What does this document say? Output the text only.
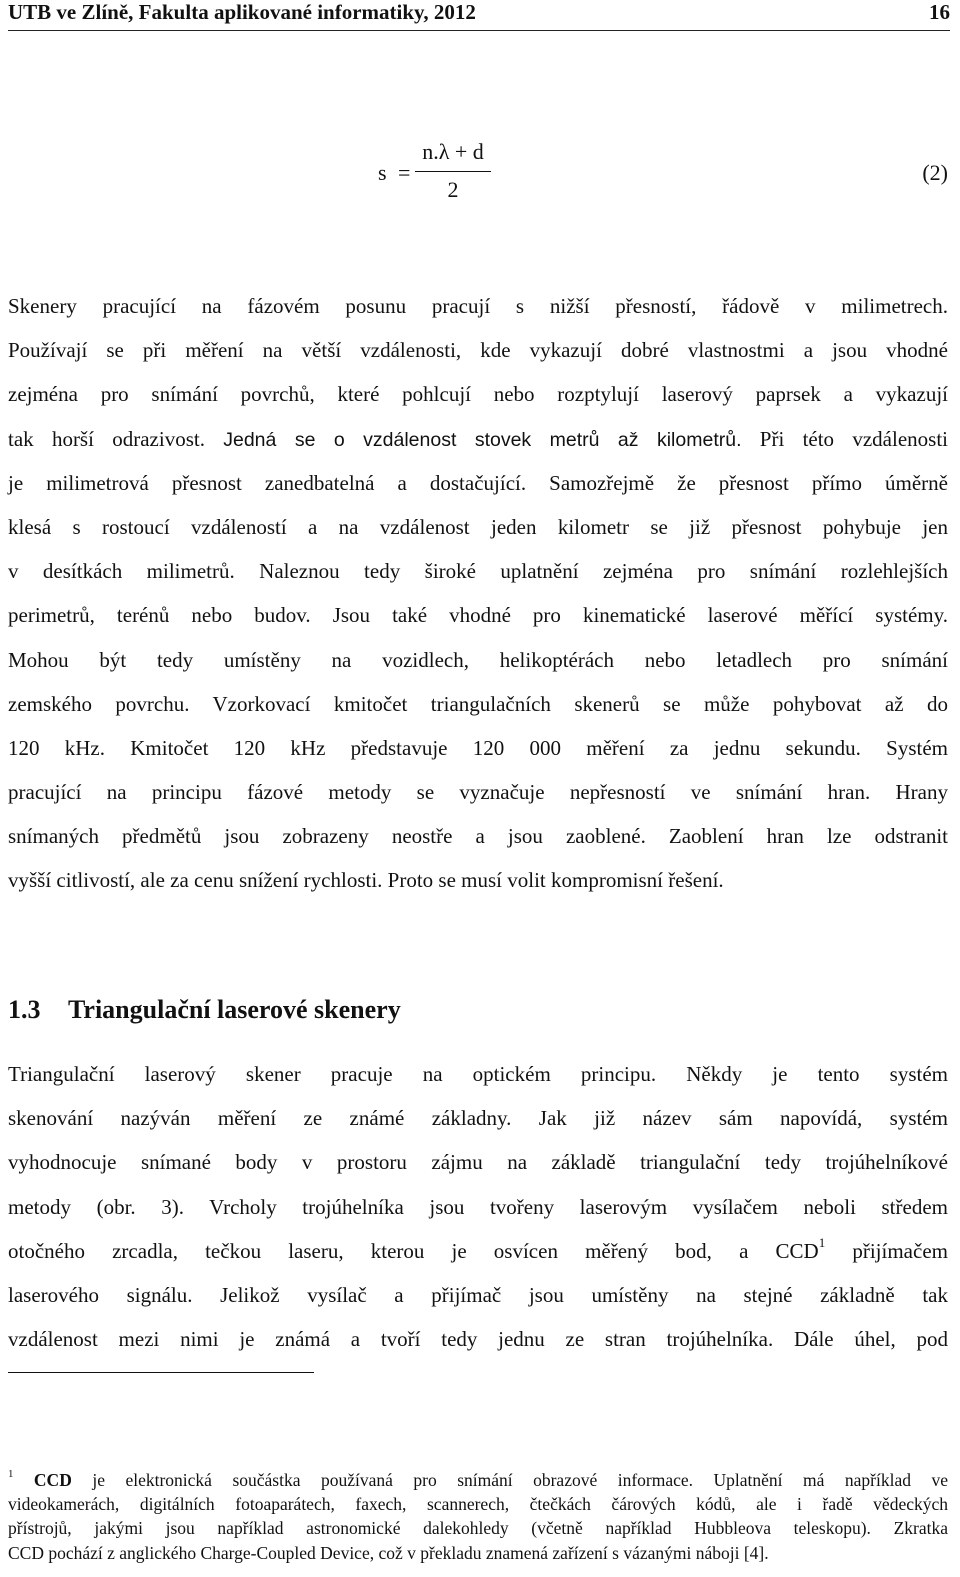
UTB ve Zlíně, Fakulta aplikované informatiky, 2012	16
s =
n.λ + d
2
(2)
Skenery pracující na fázovém posunu pracují s nižší přesností, řádově v milimetrech.
Používají se při měření na větší vzdálenosti, kde vykazují dobré vlastnostmi a jsou vhodné
zejména pro snímání povrchů, které pohlcují nebo rozptylují laserový paprsek a vykazují
tak horší odrazivost. Jedná se o vzdálenost stovek metrů až kilometrů. Při této vzdálenosti
je milimetrová přesnost zanedbatelná a dostačující. Samozřejmě že přesnost přímo úměrně
klesá s rostoucí vzdáleností a na vzdálenost jeden kilometr se již přesnost pohybuje jen
v desítkách milimetrů. Naleznou tedy široké uplatnění zejména pro snímání rozlehlejších
perimetrů, terénů nebo budov. Jsou také vhodné pro kinematické laserové měřící systémy.
Mohou být tedy umístěny na vozidlech, helikoptérách nebo letadlech pro snímání
zemského povrchu. Vzorkovací kmitočet triangulačních skenerů se může pohybovat až do
120 kHz. Kmitočet 120 kHz představuje 120 000 měření za jednu sekundu. Systém
pracující na principu fázové metody se vyznačuje nepřesností ve snímání hran. Hrany
snímaných předmětů jsou zobrazeny neostře a jsou zaoblené. Zaoblení hran lze odstranit
vyšší citlivostí, ale za cenu snížení rychlosti. Proto se musí volit kompromisní řešení.
1.3 Triangulační laserové skenery
Triangulační laserový skener pracuje na optickém principu. Někdy je tento systém
skenování nazýván měření ze známé základny. Jak již název sám napovídá, systém
vyhodnocuje snímané body v prostoru zájmu na základě triangulační tedy trojúhelníkové
metody (obr. 3). Vrcholy trojúhelníka jsou tvořeny laserovým vysílačem neboli středem
otočného zrcadla, tečkou laseru, kterou je osvícen měřený bod, a CCD$^1$ přijímačem
laserového signálu. Jelikož vysílač a přijímač jsou umístěny na stejné základně tak
vzdálenost mezi nimi je známá a tvoří tedy jednu ze stran trojúhelníka. Dále úhel, pod
$^1$ CCD je elektronická součástka používaná pro snímání obrazové informace. Uplatnění má například ve
videokamerách, digitálních fotoaparátech, faxech, scannerech, čtečkách čárových kódů, ale i řadě vědeckých
přístrojů, jakými jsou například astronomické dalekohledy (včetně například Hubbleova teleskopu). Zkratka
CCD pochází z anglického Charge-Coupled Device, což v překladu znamená zařízení s vázanými náboji [4].
